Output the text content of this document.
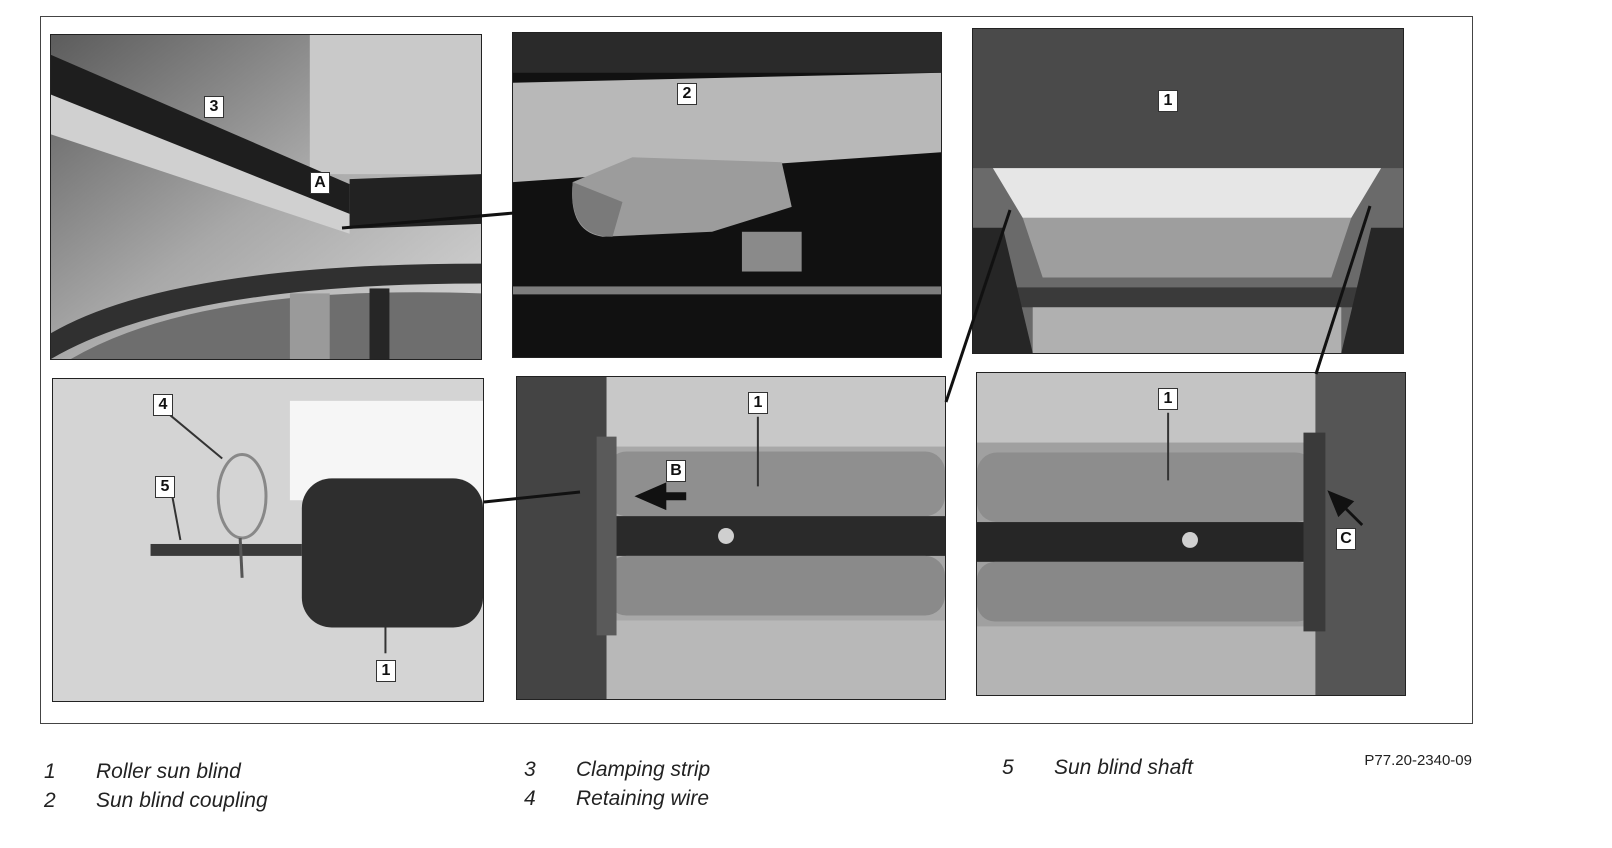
3
A
2	1
4
5
1
1
B
1
C
P77.20-2340-09
1 Roller sun blind
2 Sun blind coupling
3 Clamping strip
4 Retaining wire
5 Sun blind shaft
